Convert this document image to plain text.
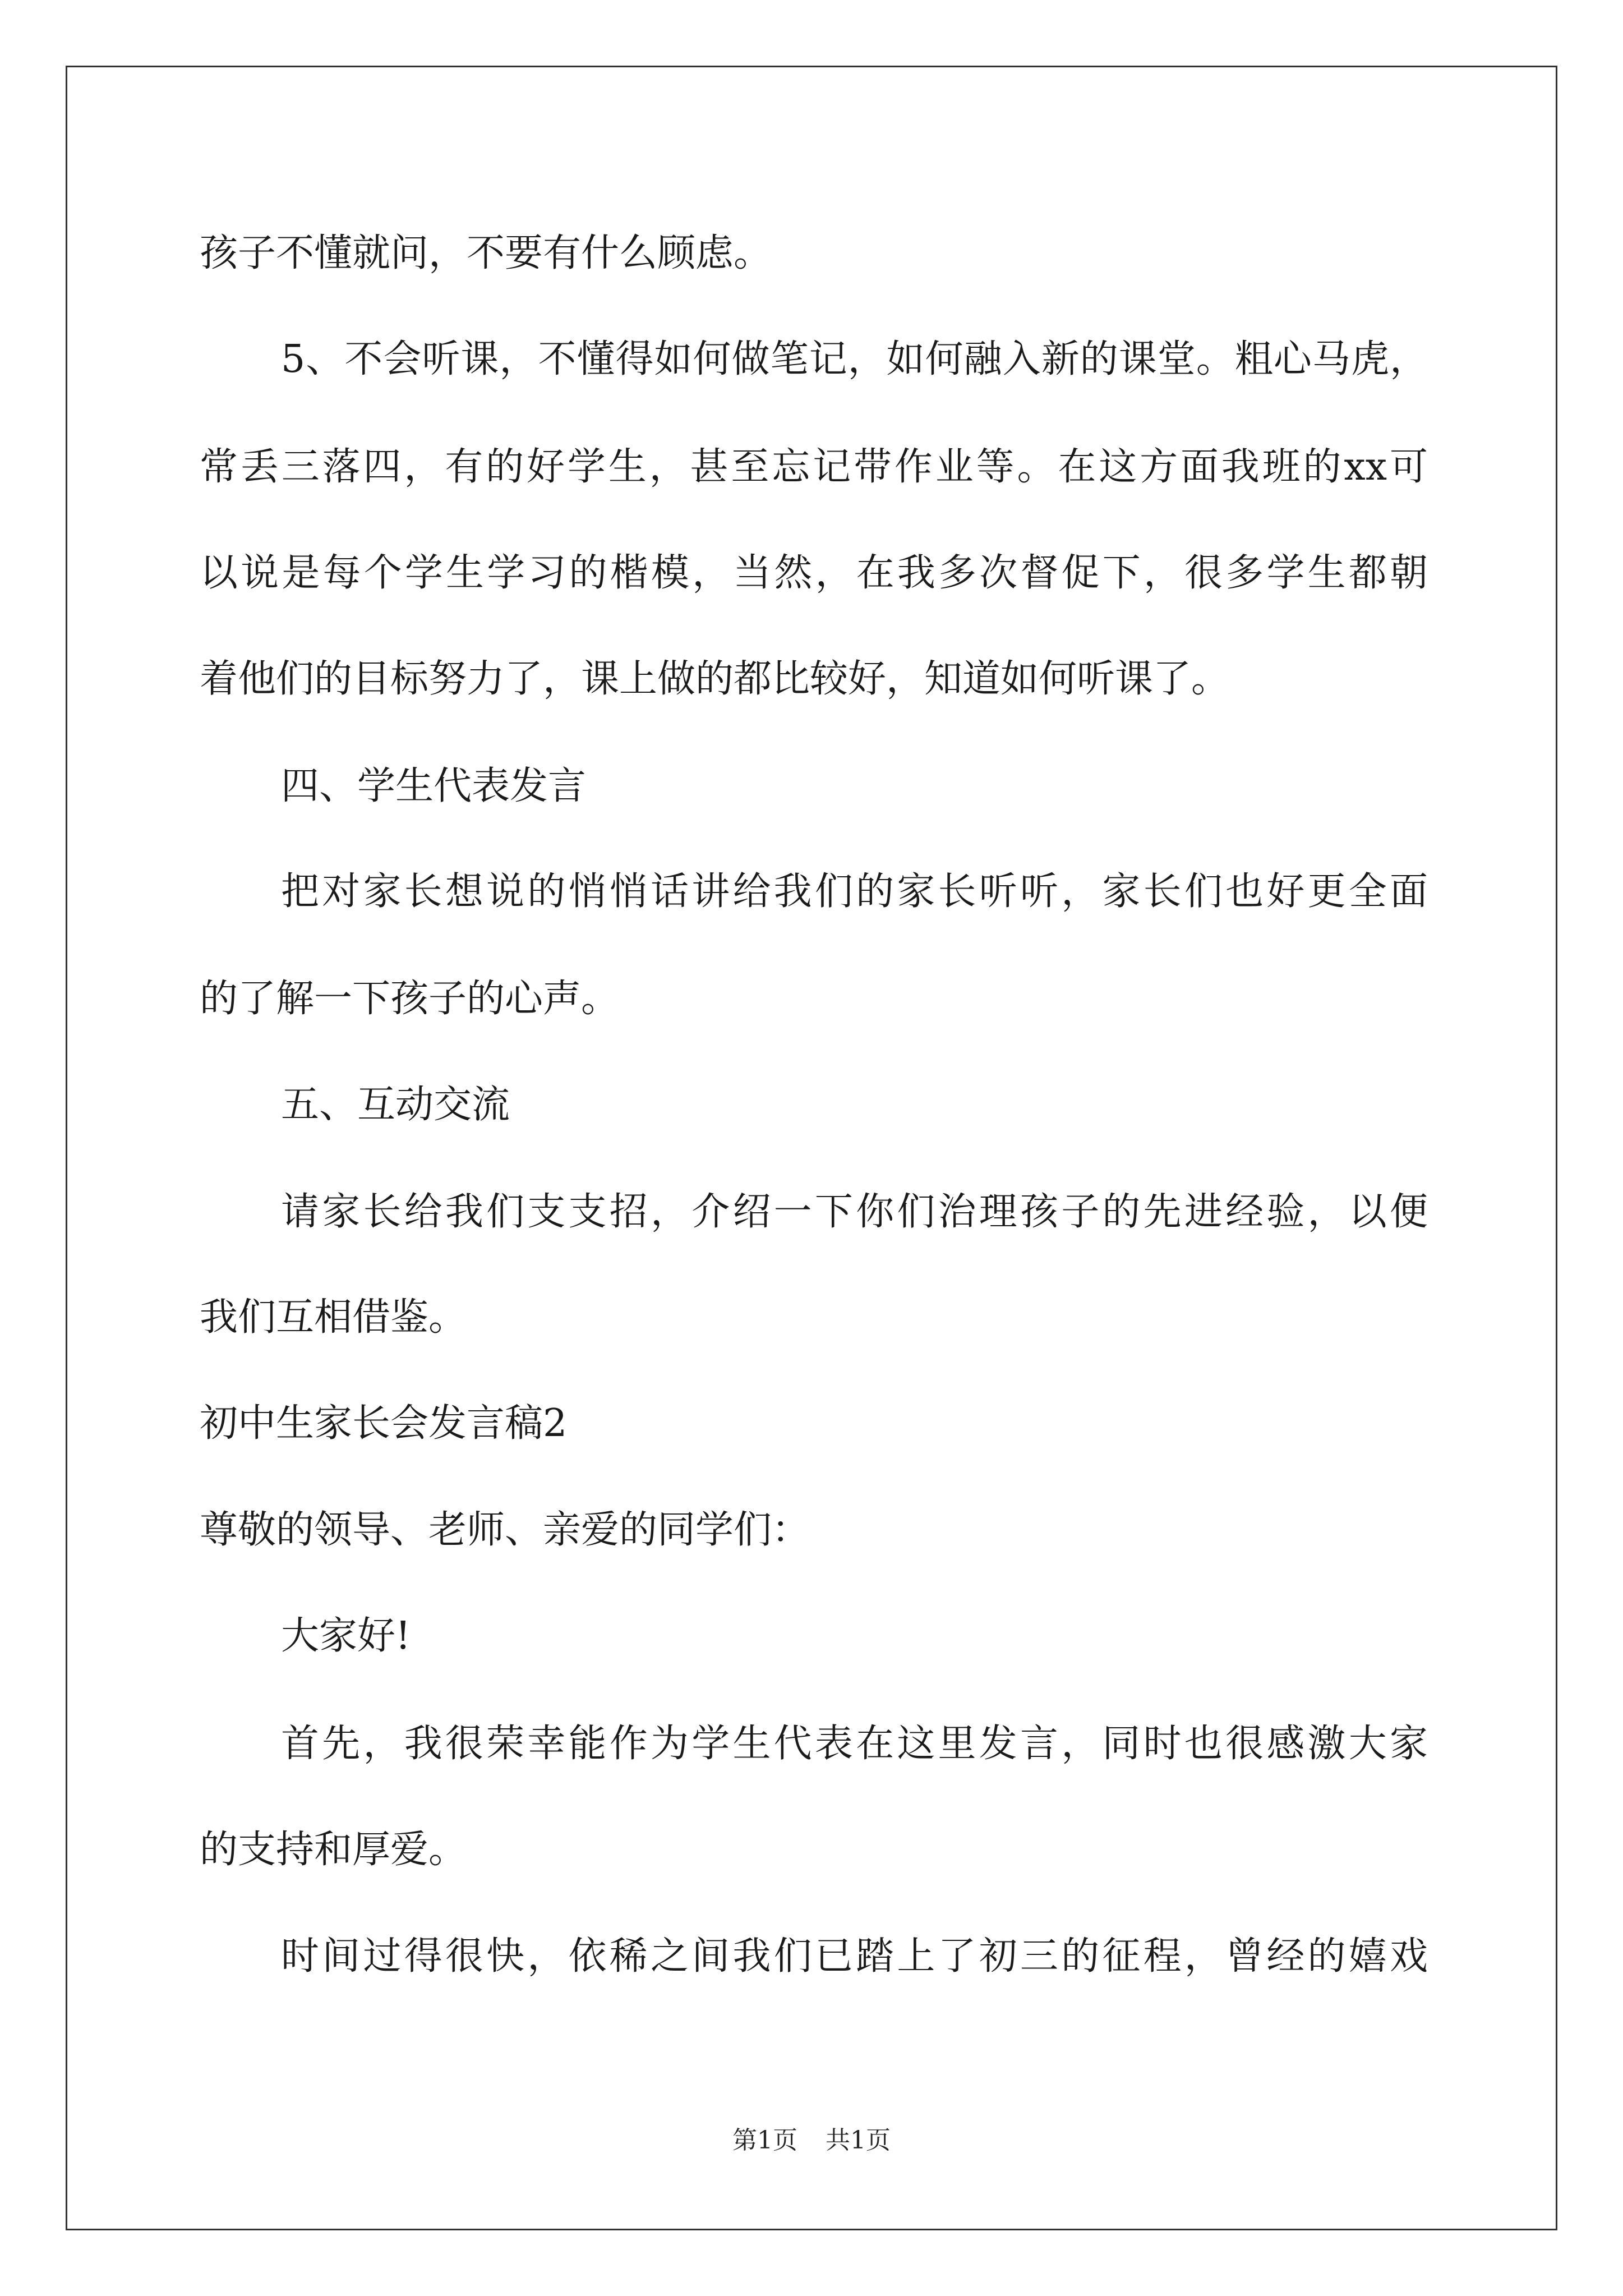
孩子不懂就问，不要有什么顾虑。
5、不会听课，不懂得如何做笔记，如何融入新的课堂。粗心马虎，
常丢三落四，有的好学生，甚至忘记带作业等。在这方面我班的xx可
以说是每个学生学习的楷模，当然，在我多次督促下，很多学生都朝
着他们的目标努力了，课上做的都比较好，知道如何听课了。
四、学生代表发言
把对家长想说的悄悄话讲给我们的家长听听，家长们也好更全面
的了解一下孩子的心声。
五、互动交流
请家长给我们支支招，介绍一下你们治理孩子的先进经验，以便
我们互相借鉴。
初中生家长会发言稿2
尊敬的领导、老师、亲爱的同学们：
大家好!
首先，我很荣幸能作为学生代表在这里发言，同时也很感激大家
的支持和厚爱。
时间过得很快，依稀之间我们已踏上了初三的征程，曾经的嬉戏
第1页 共1页
